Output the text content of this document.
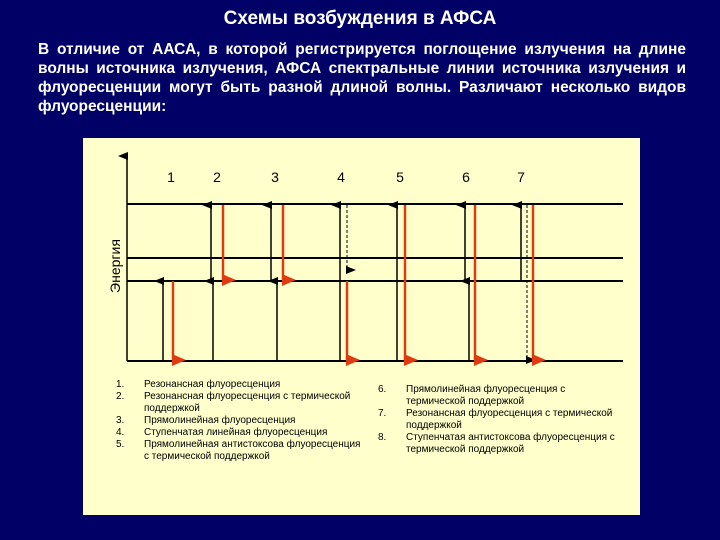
Схемы возбуждения в АФСА
В отличие от ААСА, в которой регистрируется поглощение излучения на длине волны источника излучения, АФСА спектральные линии источника излучения и флуоресценции могут быть разной длиной волны. Различают несколько видов флуоресценции:
Энергия
1	2	3	4	5	6	7
1.	Резонансная флуоресценция
2.	Резонансная флуоресценция с термической поддержкой
3.	Прямолинейная флуоресценция
4.	Ступенчатая линейная флуоресценция
5.	Прямолинейная антистоксова флуоресценция с термической поддержкой
6.	Прямолинейная флуоресценция с термической поддержкой
7.	Резонансная флуоресценция с термической поддержкой
8.	Ступенчатая антистоксова флуоресценция с термической поддержкой
